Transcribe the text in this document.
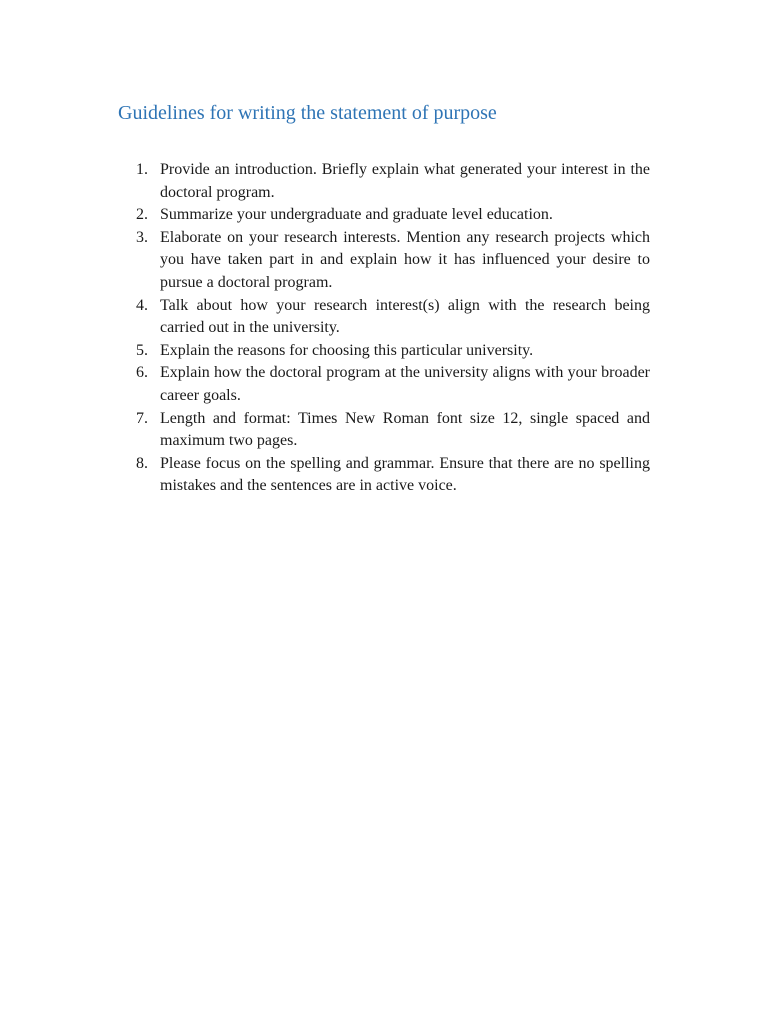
Guidelines for writing the statement of purpose
1. Provide an introduction. Briefly explain what generated your interest in the doctoral program.
2. Summarize your undergraduate and graduate level education.
3. Elaborate on your research interests. Mention any research projects which you have taken part in and explain how it has influenced your desire to pursue a doctoral program.
4. Talk about how your research interest(s) align with the research being carried out in the university.
5. Explain the reasons for choosing this particular university.
6. Explain how the doctoral program at the university aligns with your broader career goals.
7. Length and format: Times New Roman font size 12, single spaced and maximum two pages.
8. Please focus on the spelling and grammar. Ensure that there are no spelling mistakes and the sentences are in active voice.
